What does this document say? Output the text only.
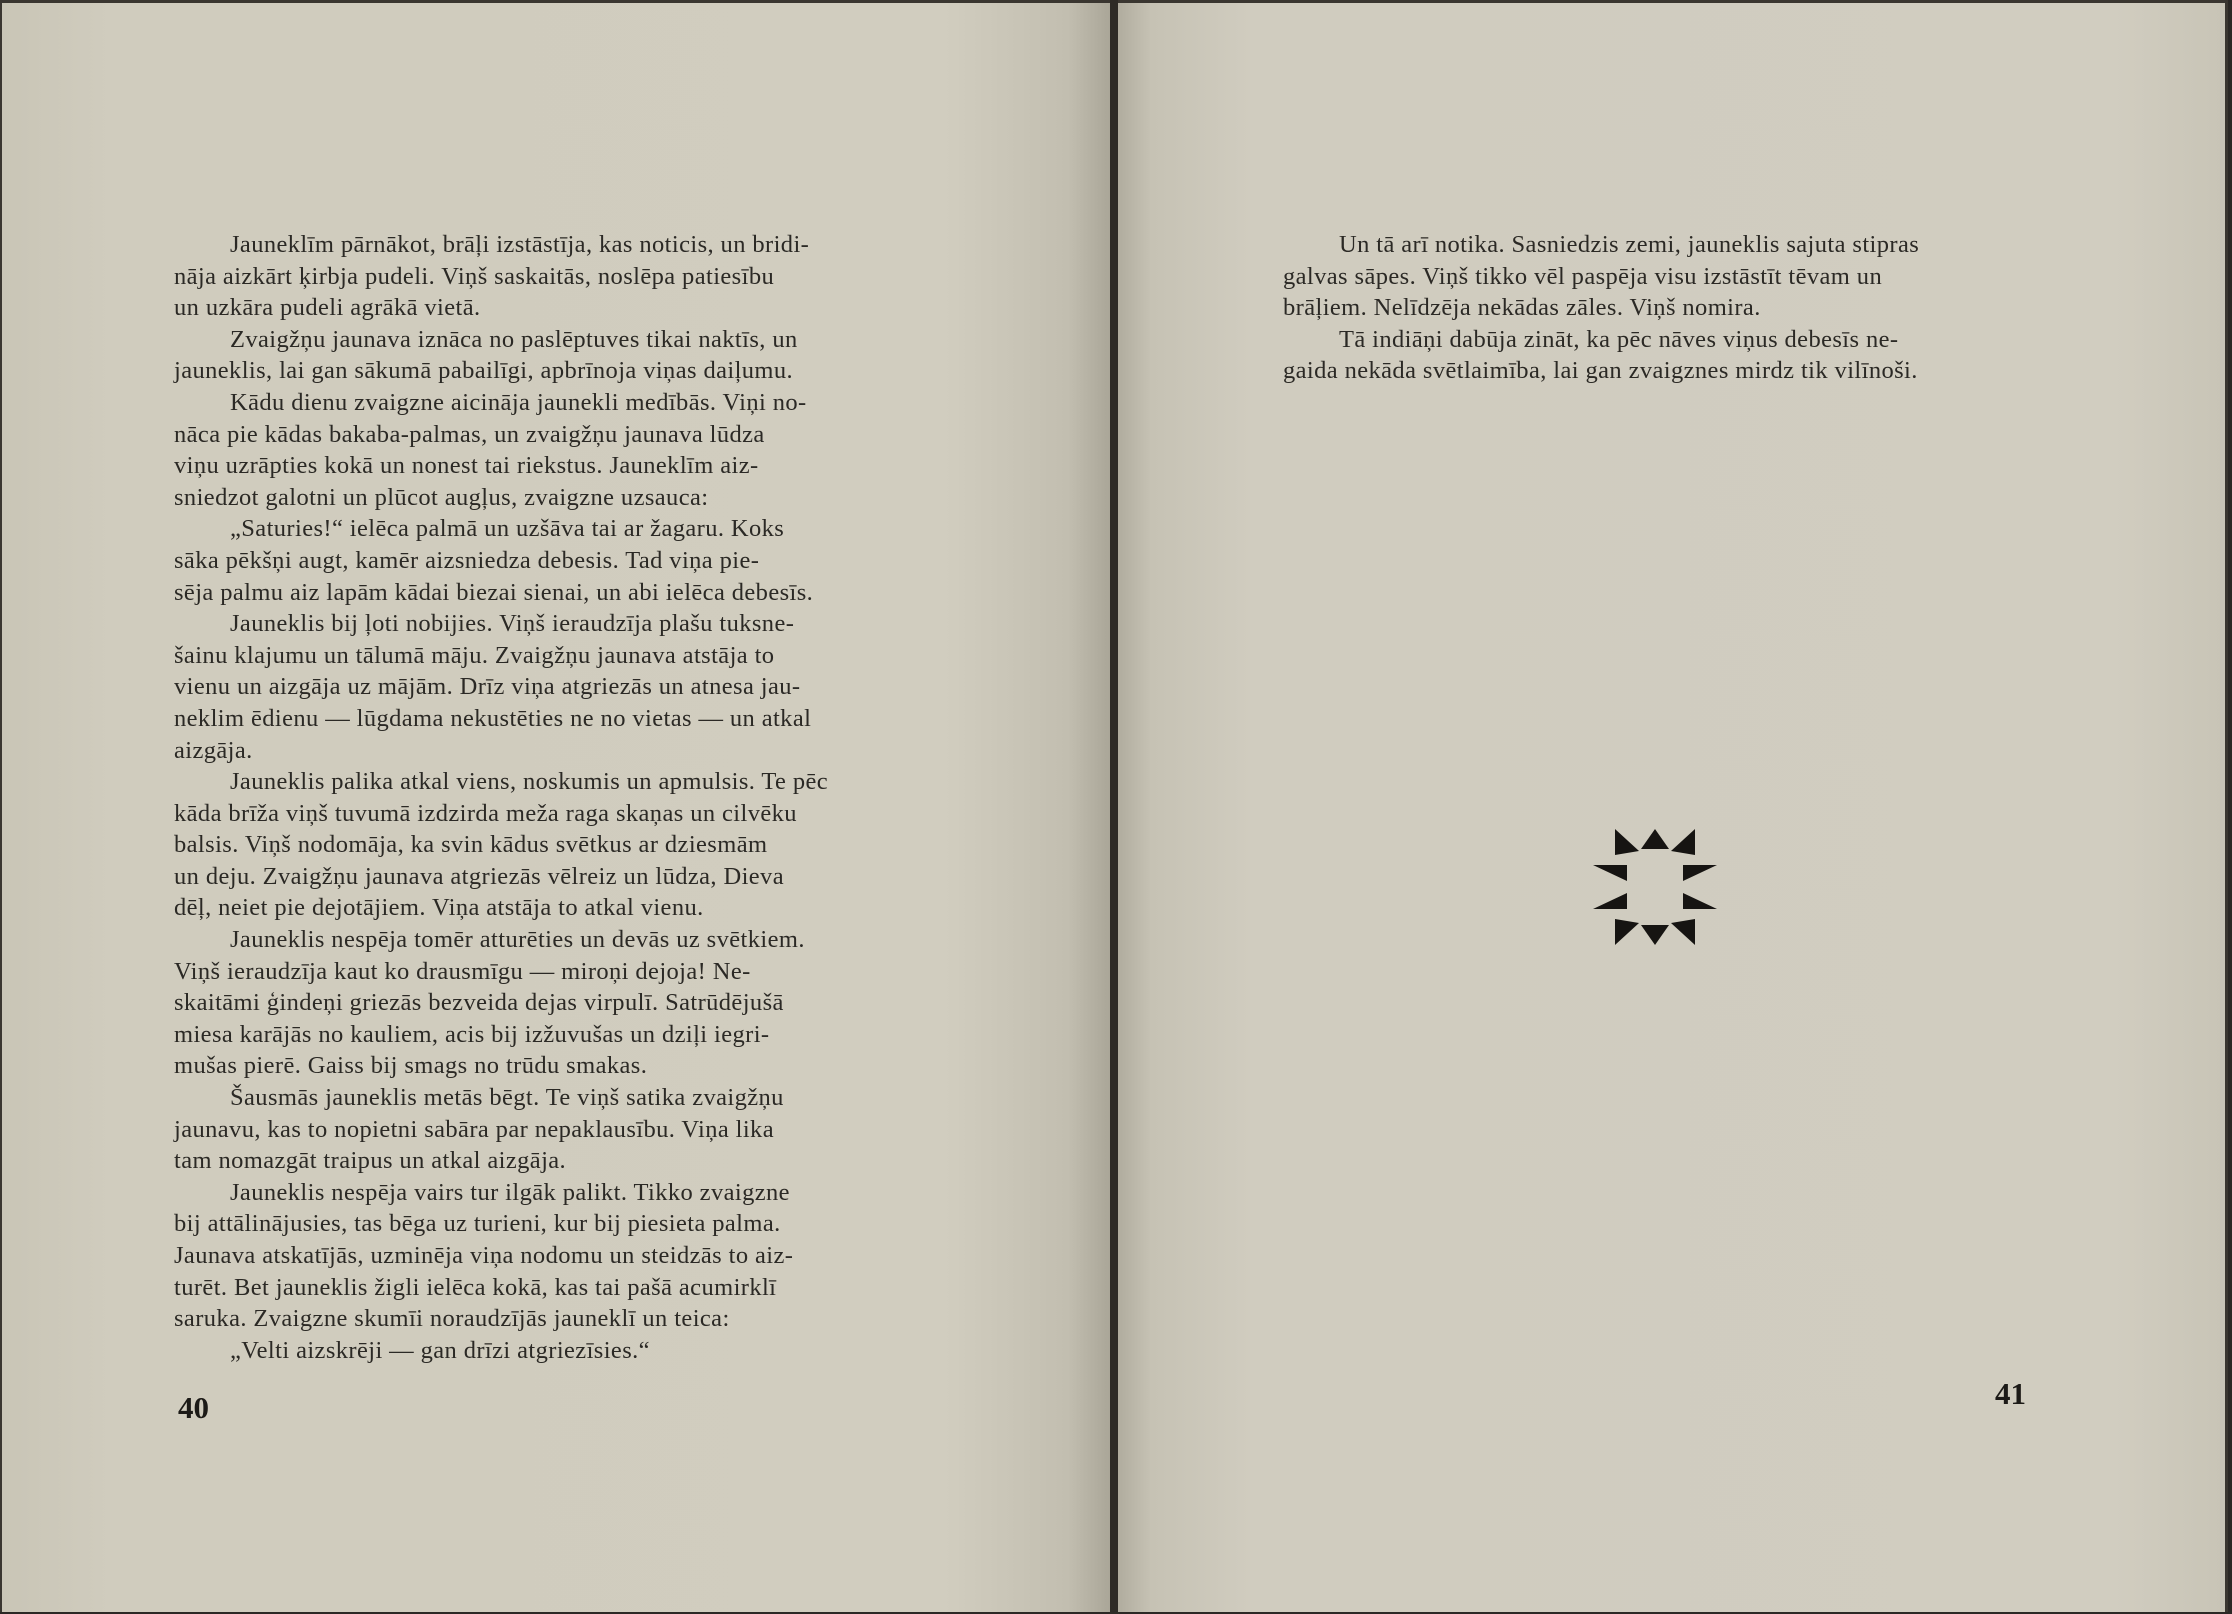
Jauneklīm pārnākot, brāļi izstāstīja, kas noticis, un bridi-
nāja aizkārt ķirbja pudeli. Viņš saskaitās, noslēpa patiesību
un uzkāra pudeli agrākā vietā.

Zvaigžņu jaunava iznāca no paslēptuves tikai naktīs, un
jauneklis, lai gan sākumā pabailīgi, apbrīnoja viņas daiļumu.

Kādu dienu zvaigzne aicināja jaunekli medībās. Viņi no-
nāca pie kādas bakaba-palmas, un zvaigžņu jaunava lūdza
viņu uzrāpties kokā un nonest tai riekstus. Jauneklīm aiz-
sniedzot galotni un plūcot augļus, zvaigzne uzsauca:

„Saturies!“ ielēca palmā un uzšāva tai ar žagaru. Koks
sāka pēkšņi augt, kamēr aizsniedza debesis. Tad viņa pie-
sēja palmu aiz lapām kādai biezai sienai, un abi ielēca debesīs.

Jauneklis bij ļoti nobijies. Viņš ieraudzīja plašu tuksne-
šainu klajumu un tālumā māju. Zvaigžņu jaunava atstāja to
vienu un aizgāja uz mājām. Drīz viņa atgriezās un atnesa jau-
neklim ēdienu — lūgdama nekustēties ne no vietas — un atkal
aizgāja.

Jauneklis palika atkal viens, noskumis un apmulsis. Te pēc
kāda brīža viņš tuvumā izdzirda meža raga skaņas un cilvēku
balsis. Viņš nodomāja, ka svin kādus svētkus ar dziesmām
un deju. Zvaigžņu jaunava atgriezās vēlreiz un lūdza, Dieva
dēļ, neiet pie dejotājiem. Viņa atstāja to atkal vienu.

Jauneklis nespēja tomēr atturēties un devās uz svētkiem.
Viņš ieraudzīja kaut ko drausmīgu — miroņi dejoja! Ne-
skaitāmi ģindeņi griezās bezveida dejas virpulī. Satrūdējušā
miesa karājās no kauliem, acis bij izžuvušas un dziļi iegri-
mušas pierē. Gaiss bij smags no trūdu smakas.

Šausmās jauneklis metās bēgt. Te viņš satika zvaigžņu
jaunavu, kas to nopietni sabāra par nepaklausību. Viņa lika
tam nomazgāt traipus un atkal aizgāja.

Jauneklis nespēja vairs tur ilgāk palikt. Tikko zvaigzne
bij attālinājusies, tas bēga uz turieni, kur bij piesieta palma.
Jaunava atskatījās, uzminēja viņa nodomu un steidzās to aiz-
turēt. Bet jauneklis žigli ielēca kokā, kas tai pašā acumirklī
saruka. Zvaigzne skumīi noraudzījās jauneklī un teica:

„Velti aizskrēji — gan drīzi atgriezīsies.“

40

Un tā arī notika. Sasniedzis zemi, jauneklis sajuta stipras
galvas sāpes. Viņš tikko vēl paspēja visu izstāstīt tēvam un
brāļiem. Nelīdzēja nekādas zāles. Viņš nomira.

Tā indiāņi dabūja zināt, ka pēc nāves viņus debesīs ne-
gaida nekāda svētlaimība, lai gan zvaigznes mirdz tik vilīnoši.

41
